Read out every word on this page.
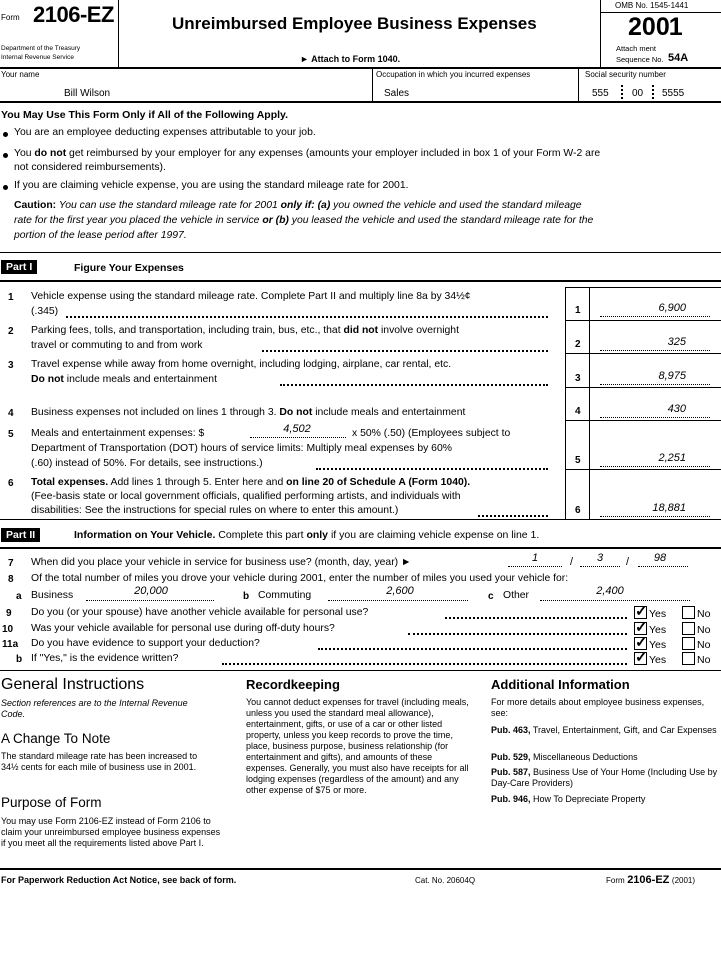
Form 2106-EZ
Department of the Treasury
Internal Revenue Service
Unreimbursed Employee Business Expenses
► Attach to Form 1040.
OMB No. 1545-1441
2001
Attach ment
Sequence No. 54A
Your name
Bill Wilson
Occupation in which you incurred expenses
Sales
Social security number
555 00 5555
You May Use This Form Only if All of the Following Apply.
You are an employee deducting expenses attributable to your job.
You do not get reimbursed by your employer for any expenses (amounts your employer included in box 1 of your Form W-2 are
not considered reimbursements).
If you are claiming vehicle expense, you are using the standard mileage rate for 2001.
Caution: You can use the standard mileage rate for 2001 only if: (a) you owned the vehicle and used the standard mileage
rate for the first year you placed the vehicle in service or (b) you leased the vehicle and used the standard mileage rate for the
portion of the lease period after 1997.
Part I	Figure Your Expenses
1 Vehicle expense using the standard mileage rate. Complete Part II and multiply line 8a by 34½¢
(.345)	1	6,900
2 Parking fees, tolls, and transportation, including train, bus, etc., that did not involve overnight
travel or commuting to and from work	2	325
3 Travel expense while away from home overnight, including lodging, airplane, car rental, etc.
Do not include meals and entertainment	3	8,975
4 Business expenses not included on lines 1 through 3. Do not include meals and entertainment	4	430
5 Meals and entertainment expenses: $	4,502	x 50% (.50) (Employees subject to
Department of Transportation (DOT) hours of service limits: Multiply meal expenses by 60%
(.60) instead of 50%. For details, see instructions.)	5	2,251
6 Total expenses. Add lines 1 through 5. Enter here and on line 20 of Schedule A (Form 1040).
(Fee-basis state or local government officials, qualified performing artists, and individuals with
disabilities: See the instructions for special rules on where to enter this amount.)	6	18,881
Part II	Information on Your Vehicle. Complete this part only if you are claiming vehicle expense on line 1.
7 When did you place your vehicle in service for business use? (month, day, year) ►	1	/	3	/	98
8 Of the total number of miles you drove your vehicle during 2001, enter the number of miles you used your vehicle for:
a Business	20,000	b Commuting	2,600	c Other	2,400
9 Do you (or your spouse) have another vehicle available for personal use? ✓	Yes	No
10 Was your vehicle available for personal use during off-duty hours? ✓	Yes	No
11a Do you have evidence to support your deduction? ✓	Yes	No
b If "Yes," is the evidence written? ✓	Yes	No
General Instructions
Section references are to the Internal Revenue Code.
A Change To Note
The standard mileage rate has been increased to 34½ cents for each mile of business use in 2001.
Purpose of Form
You may use Form 2106-EZ instead of Form 2106 to claim your unreimbursed employee business expenses if you meet all the requirements listed above Part I.
Recordkeeping
You cannot deduct expenses for travel (including meals, unless you used the standard meal allowance), entertainment, gifts, or use of a car or other listed property, unless you keep records to prove the time, place, business purpose, business relationship (for entertainment and gifts), and amounts of these expenses. Generally, you must also have receipts for all lodging expenses (regardless of the amount) and any other expense of $75 or more.
Additional Information
For more details about employee business expenses, see:
Pub. 463, Travel, Entertainment, Gift, and Car Expenses
Pub. 529, Miscellaneous Deductions
Pub. 587, Business Use of Your Home (Including Use by Day-Care Providers)
Pub. 946, How To Depreciate Property
For Paperwork Reduction Act Notice, see back of form.	Cat. No. 20604Q	Form 2106-EZ (2001)
